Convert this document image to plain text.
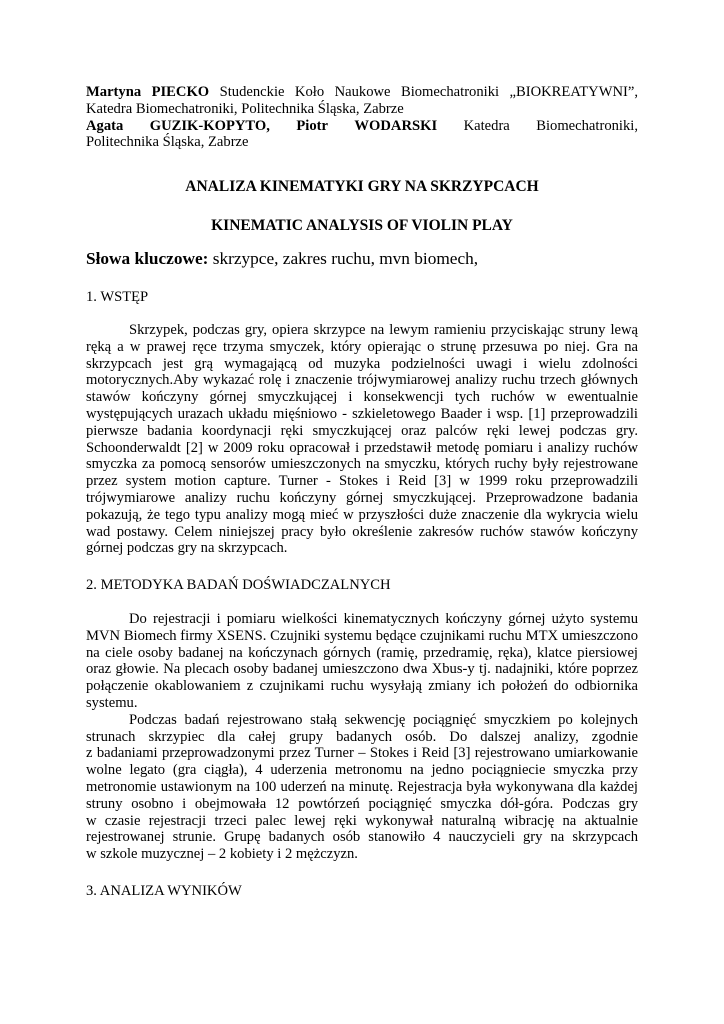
Martyna PIECKO Studenckie Koło Naukowe Biomechatroniki „BIOKREATYWNI”,

Katedra Biomechatroniki, Politechnika Śląska, Zabrze

Agata GUZIK-KOPYTO, Piotr WODARSKI Katedra Biomechatroniki,

Politechnika Śląska, Zabrze

ANALIZA KINEMATYKI GRY NA SKRZYPCACH

KINEMATIC ANALYSIS OF VIOLIN PLAY

Słowa kluczowe: skrzypce, zakres ruchu, mvn biomech,

1. WSTĘP

Skrzypek, podczas gry, opiera skrzypce na lewym ramieniu przyciskając struny lewą
ręką a w prawej ręce trzyma smyczek, który opierając o strunę przesuwa po niej. Gra na
skrzypcach jest grą wymagającą od muzyka podzielności uwagi i wielu zdolności
motorycznych.Aby wykazać rolę i znaczenie trójwymiarowej analizy ruchu trzech głównych
stawów kończyny górnej smyczkującej i konsekwencji tych ruchów w ewentualnie
występujących urazach układu mięśniowo - szkieletowego Baader i wsp. [1] przeprowadzili
pierwsze badania koordynacji ręki smyczkującej oraz palców ręki lewej podczas gry.
Schoonderwaldt [2] w 2009 roku opracował i przedstawił metodę pomiaru i analizy ruchów
smyczka za pomocą sensorów umieszczonych na smyczku, których ruchy były rejestrowane
przez system motion capture. Turner - Stokes i Reid [3] w 1999 roku przeprowadzili
trójwymiarowe analizy ruchu kończyny górnej smyczkującej. Przeprowadzone badania
pokazują, że tego typu analizy mogą mieć w przyszłości duże znaczenie dla wykrycia wielu
wad postawy. Celem niniejszej pracy było określenie zakresów ruchów stawów kończyny
górnej podczas gry na skrzypcach.

2. METODYKA BADAŃ DOŚWIADCZALNYCH

Do rejestracji i pomiaru wielkości kinematycznych kończyny górnej użyto systemu
MVN Biomech firmy XSENS. Czujniki systemu będące czujnikami ruchu MTX umieszczono
na ciele osoby badanej na kończynach górnych (ramię, przedramię, ręka), klatce piersiowej
oraz głowie. Na plecach osoby badanej umieszczono dwa Xbus-y tj. nadajniki, które poprzez
połączenie okablowaniem z czujnikami ruchu wysyłają zmiany ich położeń do odbiornika
systemu.
Podczas badań rejestrowano stałą sekwencję pociągnięć smyczkiem po kolejnych
strunach skrzypiec dla całej grupy badanych osób. Do dalszej analizy, zgodnie
z badaniami przeprowadzonymi przez Turner – Stokes i Reid [3] rejestrowano umiarkowanie
wolne legato (gra ciągła), 4 uderzenia metronomu na jedno pociągniecie smyczka przy
metronomie ustawionym na 100 uderzeń na minutę. Rejestracja była wykonywana dla każdej
struny osobno i obejmowała 12 powtórzeń pociągnięć smyczka dół-góra. Podczas gry
w czasie rejestracji trzeci palec lewej ręki wykonywał naturalną wibrację na aktualnie
rejestrowanej strunie. Grupę badanych osób stanowiło 4 nauczycieli gry na skrzypcach
w szkole muzycznej – 2 kobiety i 2 mężczyzn.

3. ANALIZA WYNIKÓW
